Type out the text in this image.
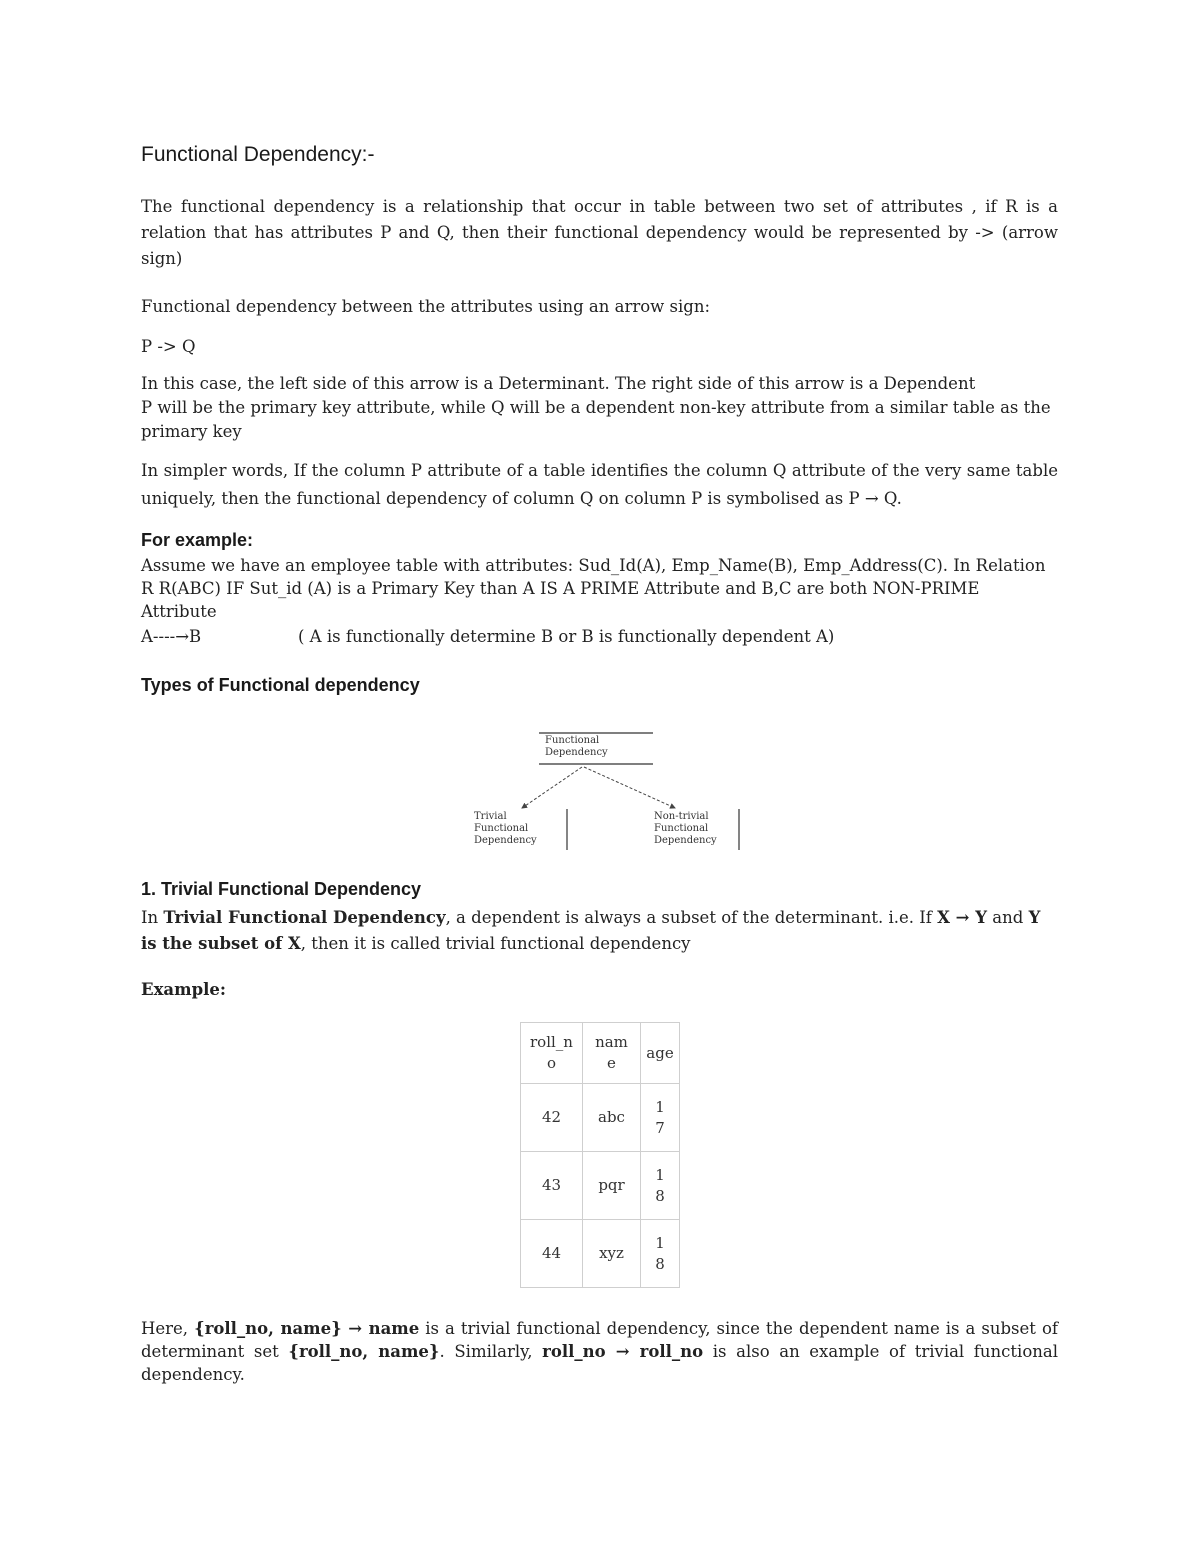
Functional Dependency:-

The functional dependency is a relationship that occur in table between two set of attributes , if R is a relation that has attributes P and Q, then their functional dependency would be represented by -> (arrow sign)

Functional dependency between the attributes using an arrow sign:

P -> Q

In this case, the left side of this arrow is a Determinant. The right side of this arrow is a Dependent

P will be the primary key attribute, while Q will be a dependent non-key attribute from a similar table as the primary key

In simpler words, If the column P attribute of a table identifies the column Q attribute of the very same table uniquely, then the functional dependency of column Q on column P is symbolised as P → Q.

For example:

Assume we have an employee table with attributes: Sud_Id(A), Emp_Name(B), Emp_Address(C). In Relation R R(ABC) IF Sut_id (A) is a Primary Key than A IS A PRIME Attribute and B,C are both NON-PRIME Attribute

A----→B	( A is functionally determine B or B is functionally dependent A)
Types of Functional dependency
Functional
Dependency
Trivial
Functional
Dependency
Non-trivial
Functional
Dependency
1. Trivial Functional Dependency

In Trivial Functional Dependency, a dependent is always a subset of the determinant. i.e. If X → Y and Y is the subset of X, then it is called trivial functional dependency

Example:
roll_no	name	age
42	abc	17
43	pqr	18
44	xyz	18

Here, {roll_no, name} → name is a trivial functional dependency, since the dependent name is a subset of determinant set {roll_no, name}. Similarly, roll_no → roll_no is also an example of trivial functional dependency.
